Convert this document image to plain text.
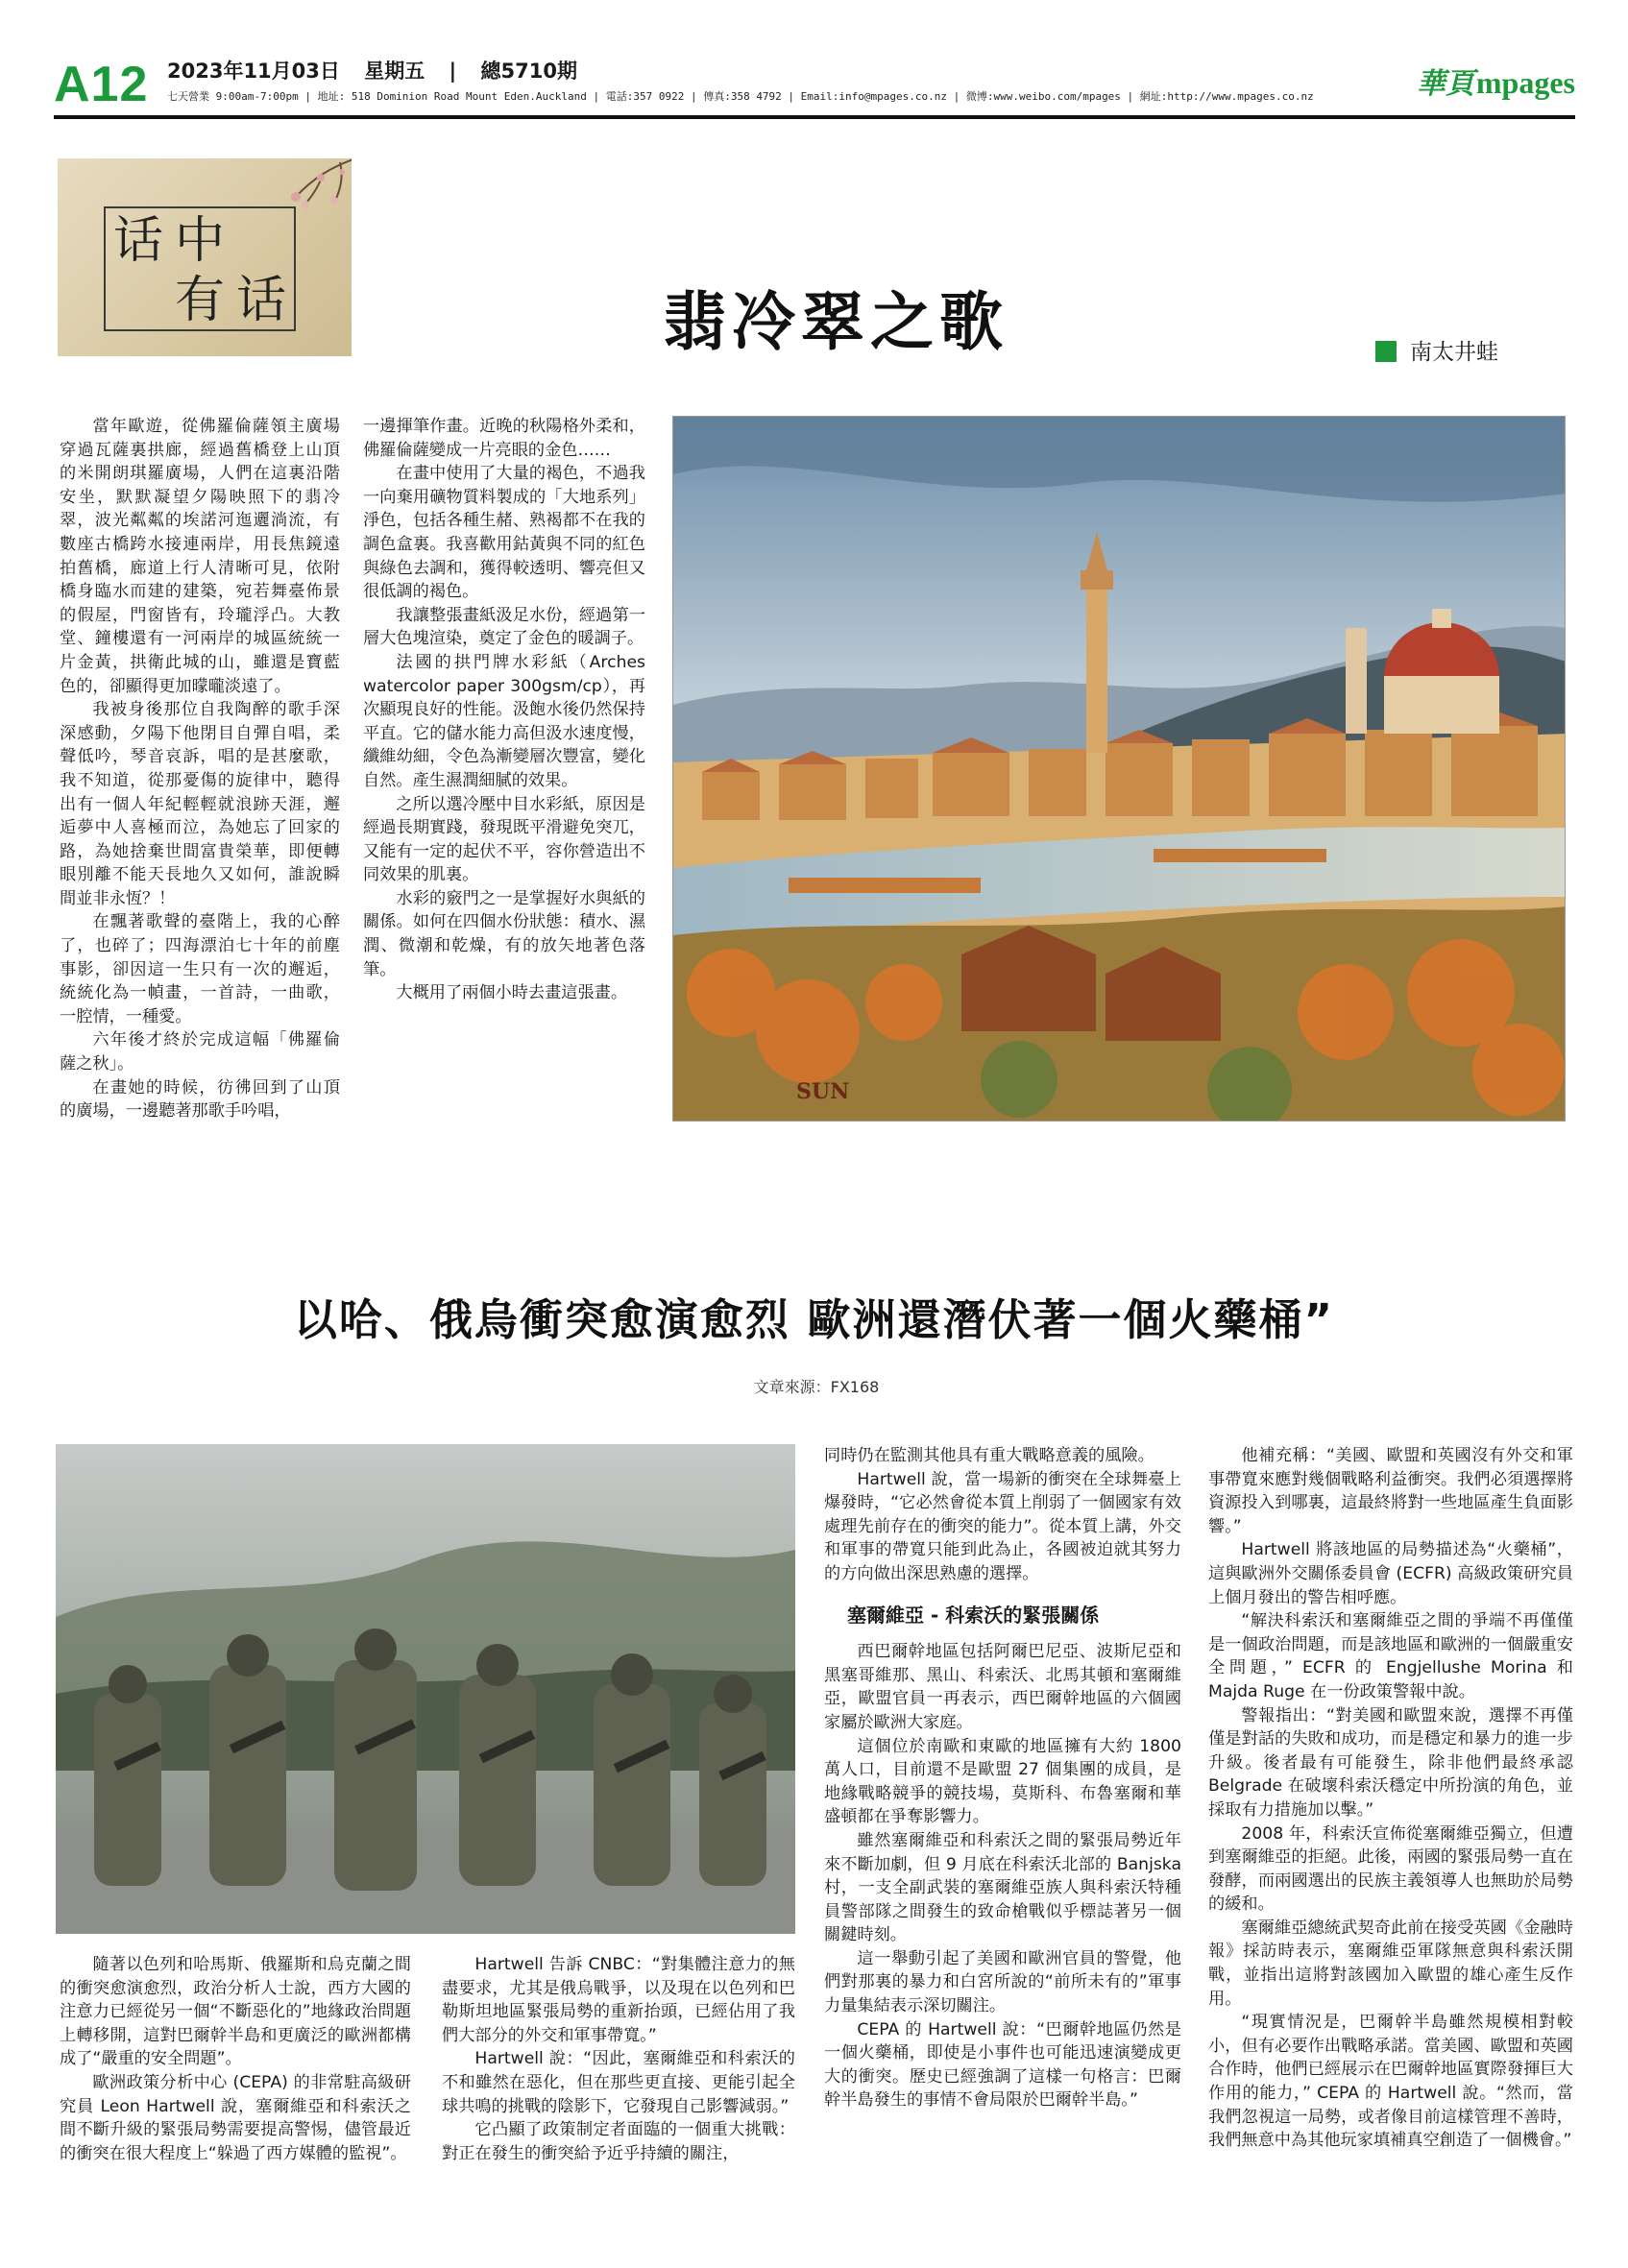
A12 2023年11月03日 星期五 | 總5710期
七天營業 9:00am-7:00pm | 地址: 518 Dominion Road Mount Eden.Auckland | 電話:357 0922 | 傳真:358 4792 | Email:info@mpages.co.nz | 微博:www.weibo.com/mpages | 網址:http://www.mpages.co.nz	華頁mpages
话 中
有 话	翡冷翠之歌	南太井蛙

當年歐遊，從佛羅倫薩領主廣場穿過瓦薩裏拱廊，經過舊橋登上山頂的米開朗琪羅廣場，人們在這裏沿階安坐，默默凝望夕陽映照下的翡冷翠，波光粼粼的埃諾河迤邐淌流，有數座古橋跨水接連兩岸，用長焦鏡遠拍舊橋，廊道上行人清晰可見，依附橋身臨水而建的建築，宛若舞臺佈景的假屋，門窗皆有，玲瓏浮凸。大教堂、鐘樓還有一河兩岸的城區統統一片金黃，拱衛此城的山，雖還是寶藍色的，卻顯得更加曚曨淡遠了。

我被身後那位自我陶醉的歌手深深感動，夕陽下他閉目自彈自唱，柔聲低吟，琴音哀訴，唱的是甚麼歌，我不知道，從那憂傷的旋律中，聽得出有一個人年紀輕輕就浪跡天涯，邂逅夢中人喜極而泣，為她忘了回家的路，為她捨棄世間富貴榮華，即便轉眼別離不能天長地久又如何，誰說瞬間並非永恆？！

在飄著歌聲的臺階上，我的心醉了，也碎了；四海漂泊七十年的前塵事影，卻因這一生只有一次的邂逅，統統化為一幀畫，一首詩，一曲歌，一腔情，一種愛。

六年後才終於完成這幅「佛羅倫薩之秋」。

在畫她的時候，彷彿回到了山頂的廣場，一邊聽著那歌手吟唱，

一邊揮筆作畫。近晚的秋陽格外柔和，佛羅倫薩變成一片亮眼的金色……

在畫中使用了大量的褐色，不過我一向棄用礦物質料製成的「大地系列」淨色，包括各種生赭、熟褐都不在我的調色盒裏。我喜歡用鈷黃與不同的紅色與綠色去調和，獲得較透明、響亮但又很低調的褐色。

我讓整張畫紙汲足水份，經過第一層大色塊渲染，奠定了金色的暖調子。

法國的拱門牌水彩紙（Arches watercolor paper 300gsm/cp），再次顯現良好的性能。汲飽水後仍然保持平直。它的儲水能力高但汲水速度慢，纖維幼細，令色為漸變層次豐富，變化自然。產生濕潤細膩的效果。

之所以選冷壓中目水彩紙，原因是經過長期實踐，發現既平滑避免突兀，又能有一定的起伏不平，容你營造出不同效果的肌裏。

水彩的竅門之一是掌握好水與紙的關係。如何在四個水份狀態：積水、濕潤、微潮和乾燥，有的放矢地著色落筆。

大概用了兩個小時去畫這張畫。

SUN
以哈、俄烏衝突愈演愈烈 歐洲還潛伏著一個火藥桶”
文章來源：FX168

隨著以色列和哈馬斯、俄羅斯和烏克蘭之間的衝突愈演愈烈，政治分析人士說，西方大國的注意力已經從另一個“不斷惡化的”地緣政治問題上轉移開，這對巴爾幹半島和更廣泛的歐洲都構成了“嚴重的安全問題”。

歐洲政策分析中心 (CEPA) 的非常駐高級研究員 Leon Hartwell 說，塞爾維亞和科索沃之間不斷升級的緊張局勢需要提高警惕，儘管最近的衝突在很大程度上“躲過了西方媒體的監視”。

Hartwell 告訴 CNBC：“對集體注意力的無盡要求，尤其是俄烏戰爭，以及現在以色列和巴勒斯坦地區緊張局勢的重新抬頭，已經佔用了我們大部分的外交和軍事帶寬。”

Hartwell 說：“因此，塞爾維亞和科索沃的不和雖然在惡化，但在那些更直接、更能引起全球共鳴的挑戰的陰影下，它發現自己影響減弱。”

它凸顯了政策制定者面臨的一個重大挑戰：對正在發生的衝突給予近乎持續的關注，

同時仍在監測其他具有重大戰略意義的風險。

Hartwell 說，當一場新的衝突在全球舞臺上爆發時，“它必然會從本質上削弱了一個國家有效處理先前存在的衝突的能力”。從本質上講，外交和軍事的帶寬只能到此為止，各國被迫就其努力的方向做出深思熟慮的選擇。

塞爾維亞 - 科索沃的緊張關係

西巴爾幹地區包括阿爾巴尼亞、波斯尼亞和黑塞哥維那、黑山、科索沃、北馬其頓和塞爾維亞，歐盟官員一再表示，西巴爾幹地區的六個國家屬於歐洲大家庭。

這個位於南歐和東歐的地區擁有大約 1800 萬人口，目前還不是歐盟 27 個集團的成員，是地緣戰略競爭的競技場，莫斯科、布魯塞爾和華盛頓都在爭奪影響力。

雖然塞爾維亞和科索沃之間的緊張局勢近年來不斷加劇，但 9 月底在科索沃北部的 Banjska 村，一支全副武裝的塞爾維亞族人與科索沃特種員警部隊之間發生的致命槍戰似乎標誌著另一個關鍵時刻。

這一舉動引起了美國和歐洲官員的警覺，他們對那裏的暴力和白宮所說的“前所未有的”軍事力量集結表示深切關注。

CEPA 的 Hartwell 說：“巴爾幹地區仍然是一個火藥桶，即使是小事件也可能迅速演變成更大的衝突。歷史已經強調了這樣一句格言：巴爾幹半島發生的事情不會局限於巴爾幹半島。”

他補充稱：“美國、歐盟和英國沒有外交和軍事帶寬來應對幾個戰略利益衝突。我們必須選擇將資源投入到哪裏，這最終將對一些地區產生負面影響。”

Hartwell 將該地區的局勢描述為“火藥桶”，這與歐洲外交關係委員會 (ECFR) 高級政策研究員上個月發出的警告相呼應。

“解決科索沃和塞爾維亞之間的爭端不再僅僅是一個政治問題，而是該地區和歐洲的一個嚴重安全問題，” ECFR 的 Engjellushe Morina 和 Majda Ruge 在一份政策警報中說。

警報指出：“對美國和歐盟來說，選擇不再僅僅是對話的失敗和成功，而是穩定和暴力的進一步升級。後者最有可能發生，除非他們最終承認 Belgrade 在破壞科索沃穩定中所扮演的角色，並採取有力措施加以擊。”

2008 年，科索沃宣佈從塞爾維亞獨立，但遭到塞爾維亞的拒絕。此後，兩國的緊張局勢一直在發酵，而兩國選出的民族主義領導人也無助於局勢的緩和。

塞爾維亞總統武契奇此前在接受英國《金融時報》採訪時表示，塞爾維亞軍隊無意與科索沃開戰，並指出這將對該國加入歐盟的雄心產生反作用。

“現實情況是，巴爾幹半島雖然規模相對較小，但有必要作出戰略承諾。當美國、歐盟和英國合作時，他們已經展示在巴爾幹地區實際發揮巨大作用的能力，” CEPA 的 Hartwell 說。“然而，當我們忽視這一局勢，或者像目前這樣管理不善時，我們無意中為其他玩家填補真空創造了一個機會。”
